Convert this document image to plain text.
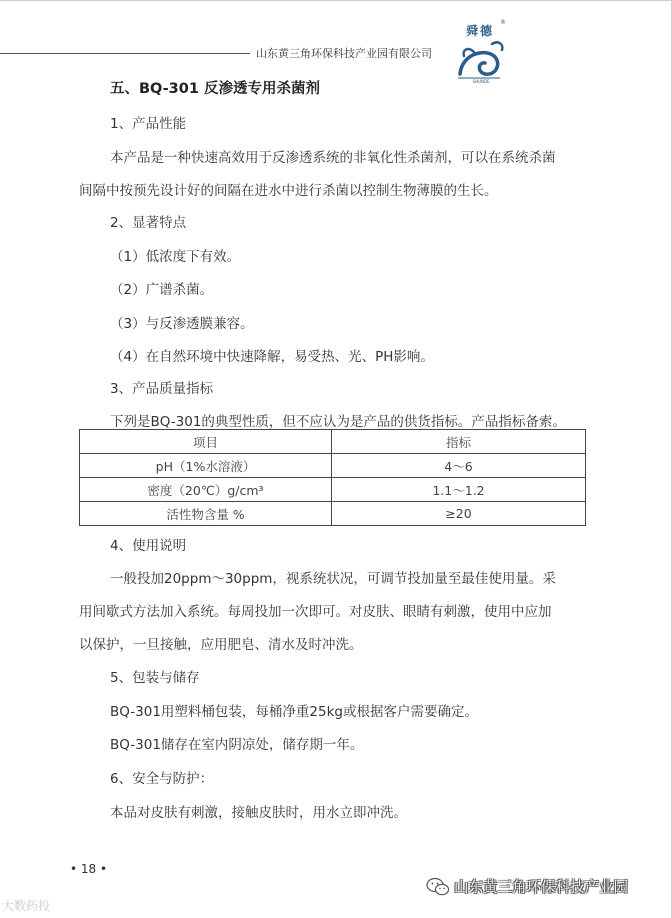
山东黄三角环保科技产业园有限公司
舜德
®
SHUNDE
五、BQ-301 反渗透专用杀菌剂
1、产品性能
本产品是一种快速高效用于反渗透系统的非氧化性杀菌剂，可以在系统杀菌
间隔中按预先设计好的间隔在进水中进行杀菌以控制生物薄膜的生长。
2、显著特点
（1）低浓度下有效。
（2）广谱杀菌。
（3）与反渗透膜兼容。
（4）在自然环境中快速降解，易受热、光、PH影响。
3、产品质量指标
下列是BQ-301的典型性质，但不应认为是产品的供货指标。产品指标备索。
项目	指标
pH（1%水溶液）	4～6
密度（20℃）g/cm³	1.1～1.2
活性物含量 %	≥20
4、使用说明
一般投加20ppm～30ppm，视系统状况，可调节投加量至最佳使用量。采
用间歇式方法加入系统。每周投加一次即可。对皮肤、眼睛有刺激，使用中应加
以保护，一旦接触，应用肥皂、清水及时冲洗。
5、包装与储存
BQ-301用塑料桶包装，每桶净重25kg或根据客户需要确定。
BQ-301储存在室内阴凉处，储存期一年。
6、安全与防护：
本品对皮肤有刺激，接触皮肤时，用水立即冲洗。
• 18 •
大数药投
山东黄三角环保科技产业园
